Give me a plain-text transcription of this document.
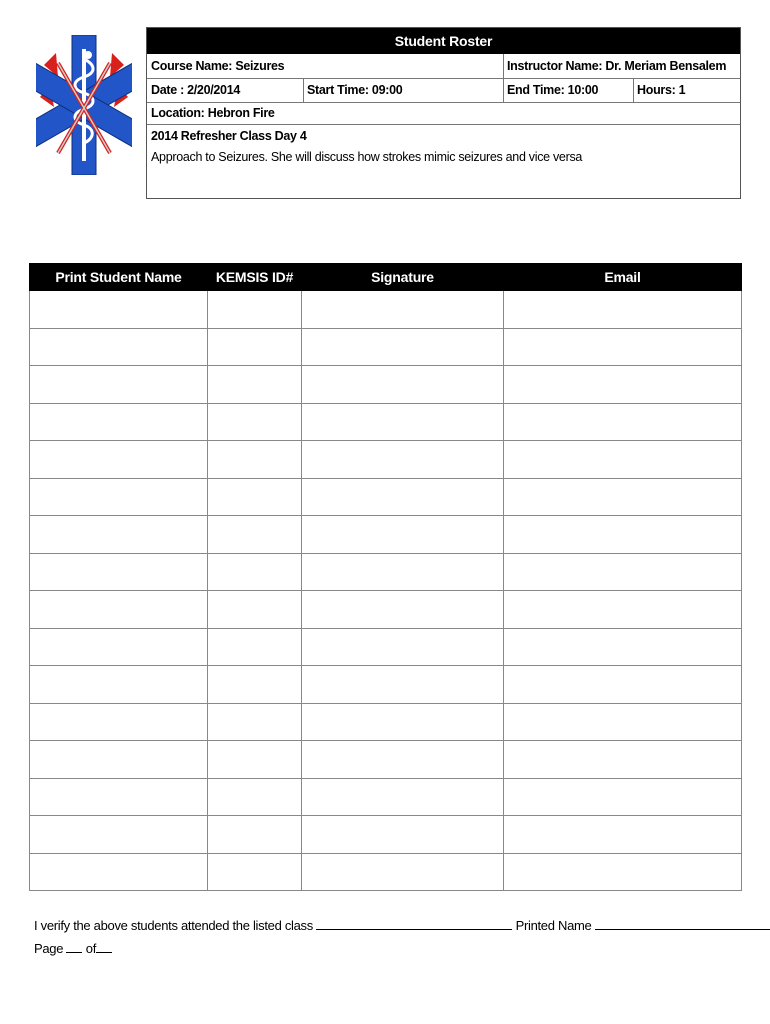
Student Roster
Course Name: Seizures	Instructor Name: Dr. Meriam Bensalem
Date : 2/20/2014	Start Time: 09:00	End Time: 10:00	Hours: 1
Location: Hebron Fire
2014 Refresher Class Day 4
Approach to Seizures. She will discuss how strokes mimic seizures and vice versa
Print Student Name	KEMSIS ID#	Signature	Email

I verify the above students attended the listed class	Printed Name
Page of
